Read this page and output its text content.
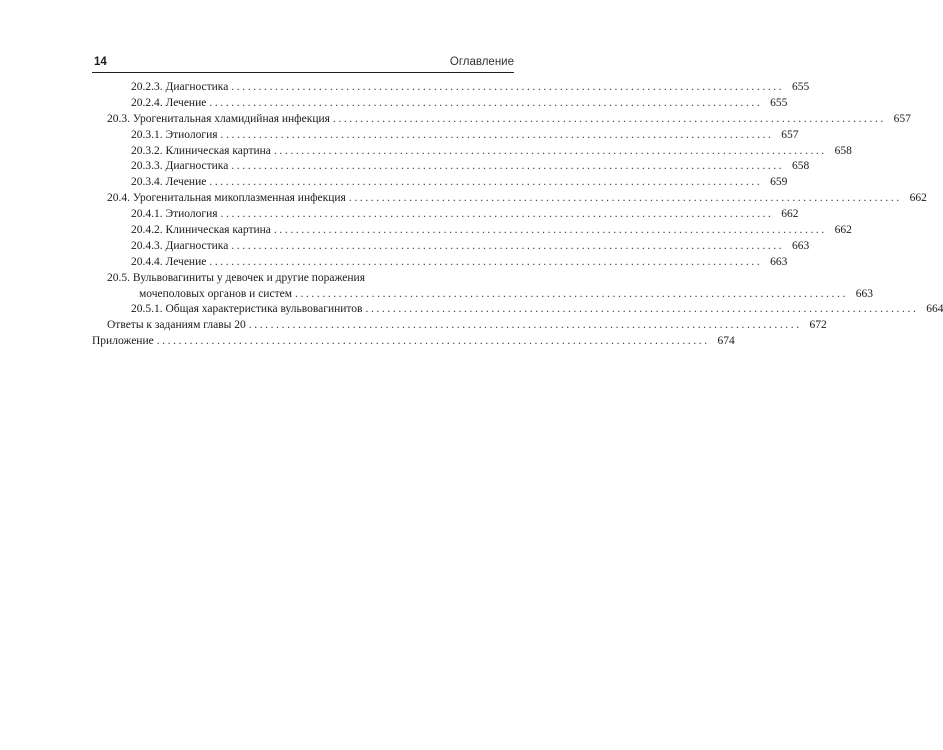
14	Оглавление
20.2.3. Диагностика ..................................................................................................... 655
20.2.4. Лечение ..................................................................................................... 655
20.3. Урогенитальная хламидийная инфекция ..................................................................................................... 657
20.3.1. Этиология ..................................................................................................... 657
20.3.2. Клиническая картина ..................................................................................................... 658
20.3.3. Диагностика ..................................................................................................... 658
20.3.4. Лечение ..................................................................................................... 659
20.4. Урогенитальная микоплазменная инфекция ..................................................................................................... 662
20.4.1. Этиология ..................................................................................................... 662
20.4.2. Клиническая картина ..................................................................................................... 662
20.4.3. Диагностика ..................................................................................................... 663
20.4.4. Лечение ..................................................................................................... 663
20.5. Вульвовагиниты у девочек и другие поражения
мочеполовых органов и систем ..................................................................................................... 663
20.5.1. Общая характеристика вульвовагинитов ..................................................................................................... 664
Ответы к заданиям главы 20 ..................................................................................................... 672
Приложение ..................................................................................................... 674
